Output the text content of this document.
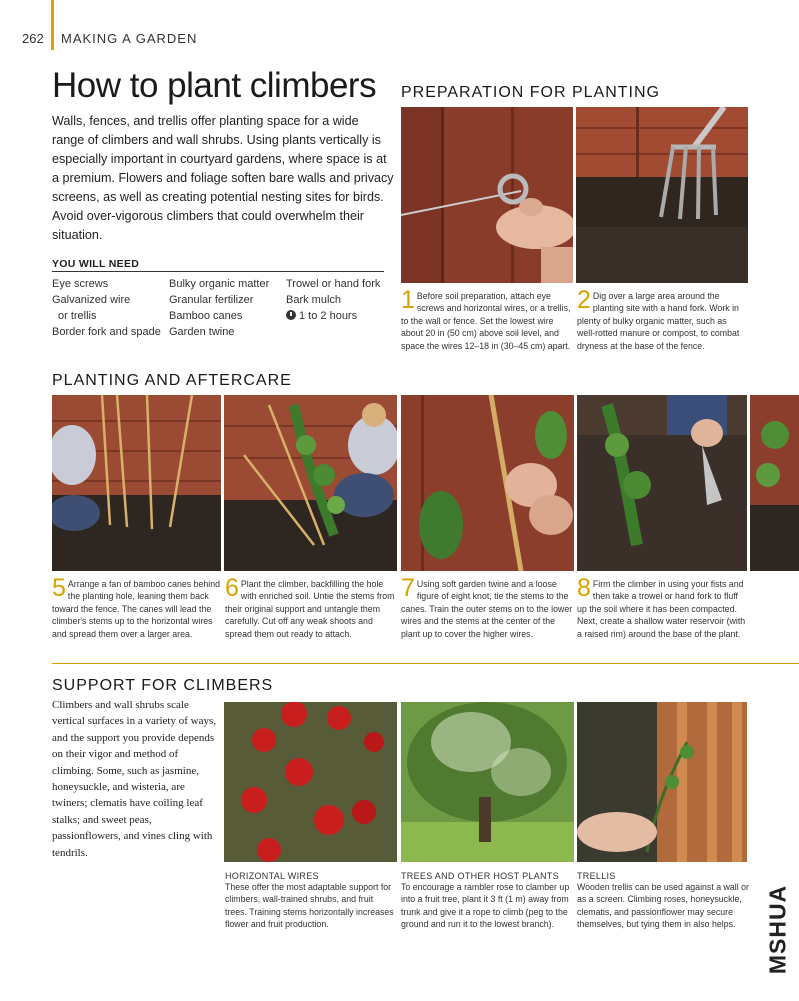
262 MAKING A GARDEN
How to plant climbers

Walls, fences, and trellis offer planting space for a wide range of climbers and wall shrubs. Using plants vertically is especially important in courtyard gardens, where space is at a premium. Flowers and foliage soften bare walls and privacy screens, as well as creating potential nesting sites for birds. Avoid over-vigorous climbers that could overwhelm their situation.

YOU WILL NEED
Eye screws
Galvanized wire
or trellis
Border fork and spade
Bulky organic matter
Granular fertilizer
Bamboo canes
Garden twine
Trowel or hand fork
Bark mulch
1 to 2 hours
PREPARATION FOR PLANTING
1 Before soil preparation, attach eye screws and horizontal wires, or a trellis, to the wall or fence. Set the lowest wire about 20 in (50 cm) above soil level, and space the wires 12–18 in (30–45 cm) apart.
2 Dig over a large area around the planting site with a hand fork. Work in plenty of bulky organic matter, such as well-rotted manure or compost, to combat dryness at the base of the fence.
PLANTING AND AFTERCARE
5 Arrange a fan of bamboo canes behind the planting hole, leaning them back toward the fence. The canes will lead the climber's stems up to the horizontal wires and spread them over a larger area.
6 Plant the climber, backfilling the hole with enriched soil. Untie the stems from their original support and untangle them carefully. Cut off any weak shoots and spread them out ready to attach.
7 Using soft garden twine and a loose figure of eight knot, tie the stems to the canes. Train the outer stems on to the lower wires and the stems at the center of the plant up to cover the higher wires.
8 Firm the climber in using your fists and then take a trowel or hand fork to fluff up the soil where it has been compacted. Next, create a shallow water reservoir (with a raised rim) around the base of the plant.
SUPPORT FOR CLIMBERS

Climbers and wall shrubs scale vertical surfaces in a variety of ways, and the support you provide depends on their vigor and method of climbing. Some, such as jasmine, honeysuckle, and wisteria, are twiners; clematis have coiling leaf stalks; and sweet peas, passionflowers, and vines cling with tendrils.

HORIZONTAL WIRES
These offer the most adaptable support for climbers, wall-trained shrubs, and fruit trees. Training stems horizontally increases flower and fruit production.
TREES AND OTHER HOST PLANTS
To encourage a rambler rose to clamber up into a fruit tree, plant it 3 ft (1 m) away from trunk and give it a rope to climb (peg to the ground and run it to the lowest branch).
TRELLIS
Wooden trellis can be used against a wall or as a screen. Climbing roses, honeysuckle, clematis, and passionflower may secure themselves, but tying them in also helps.	MSHUA
